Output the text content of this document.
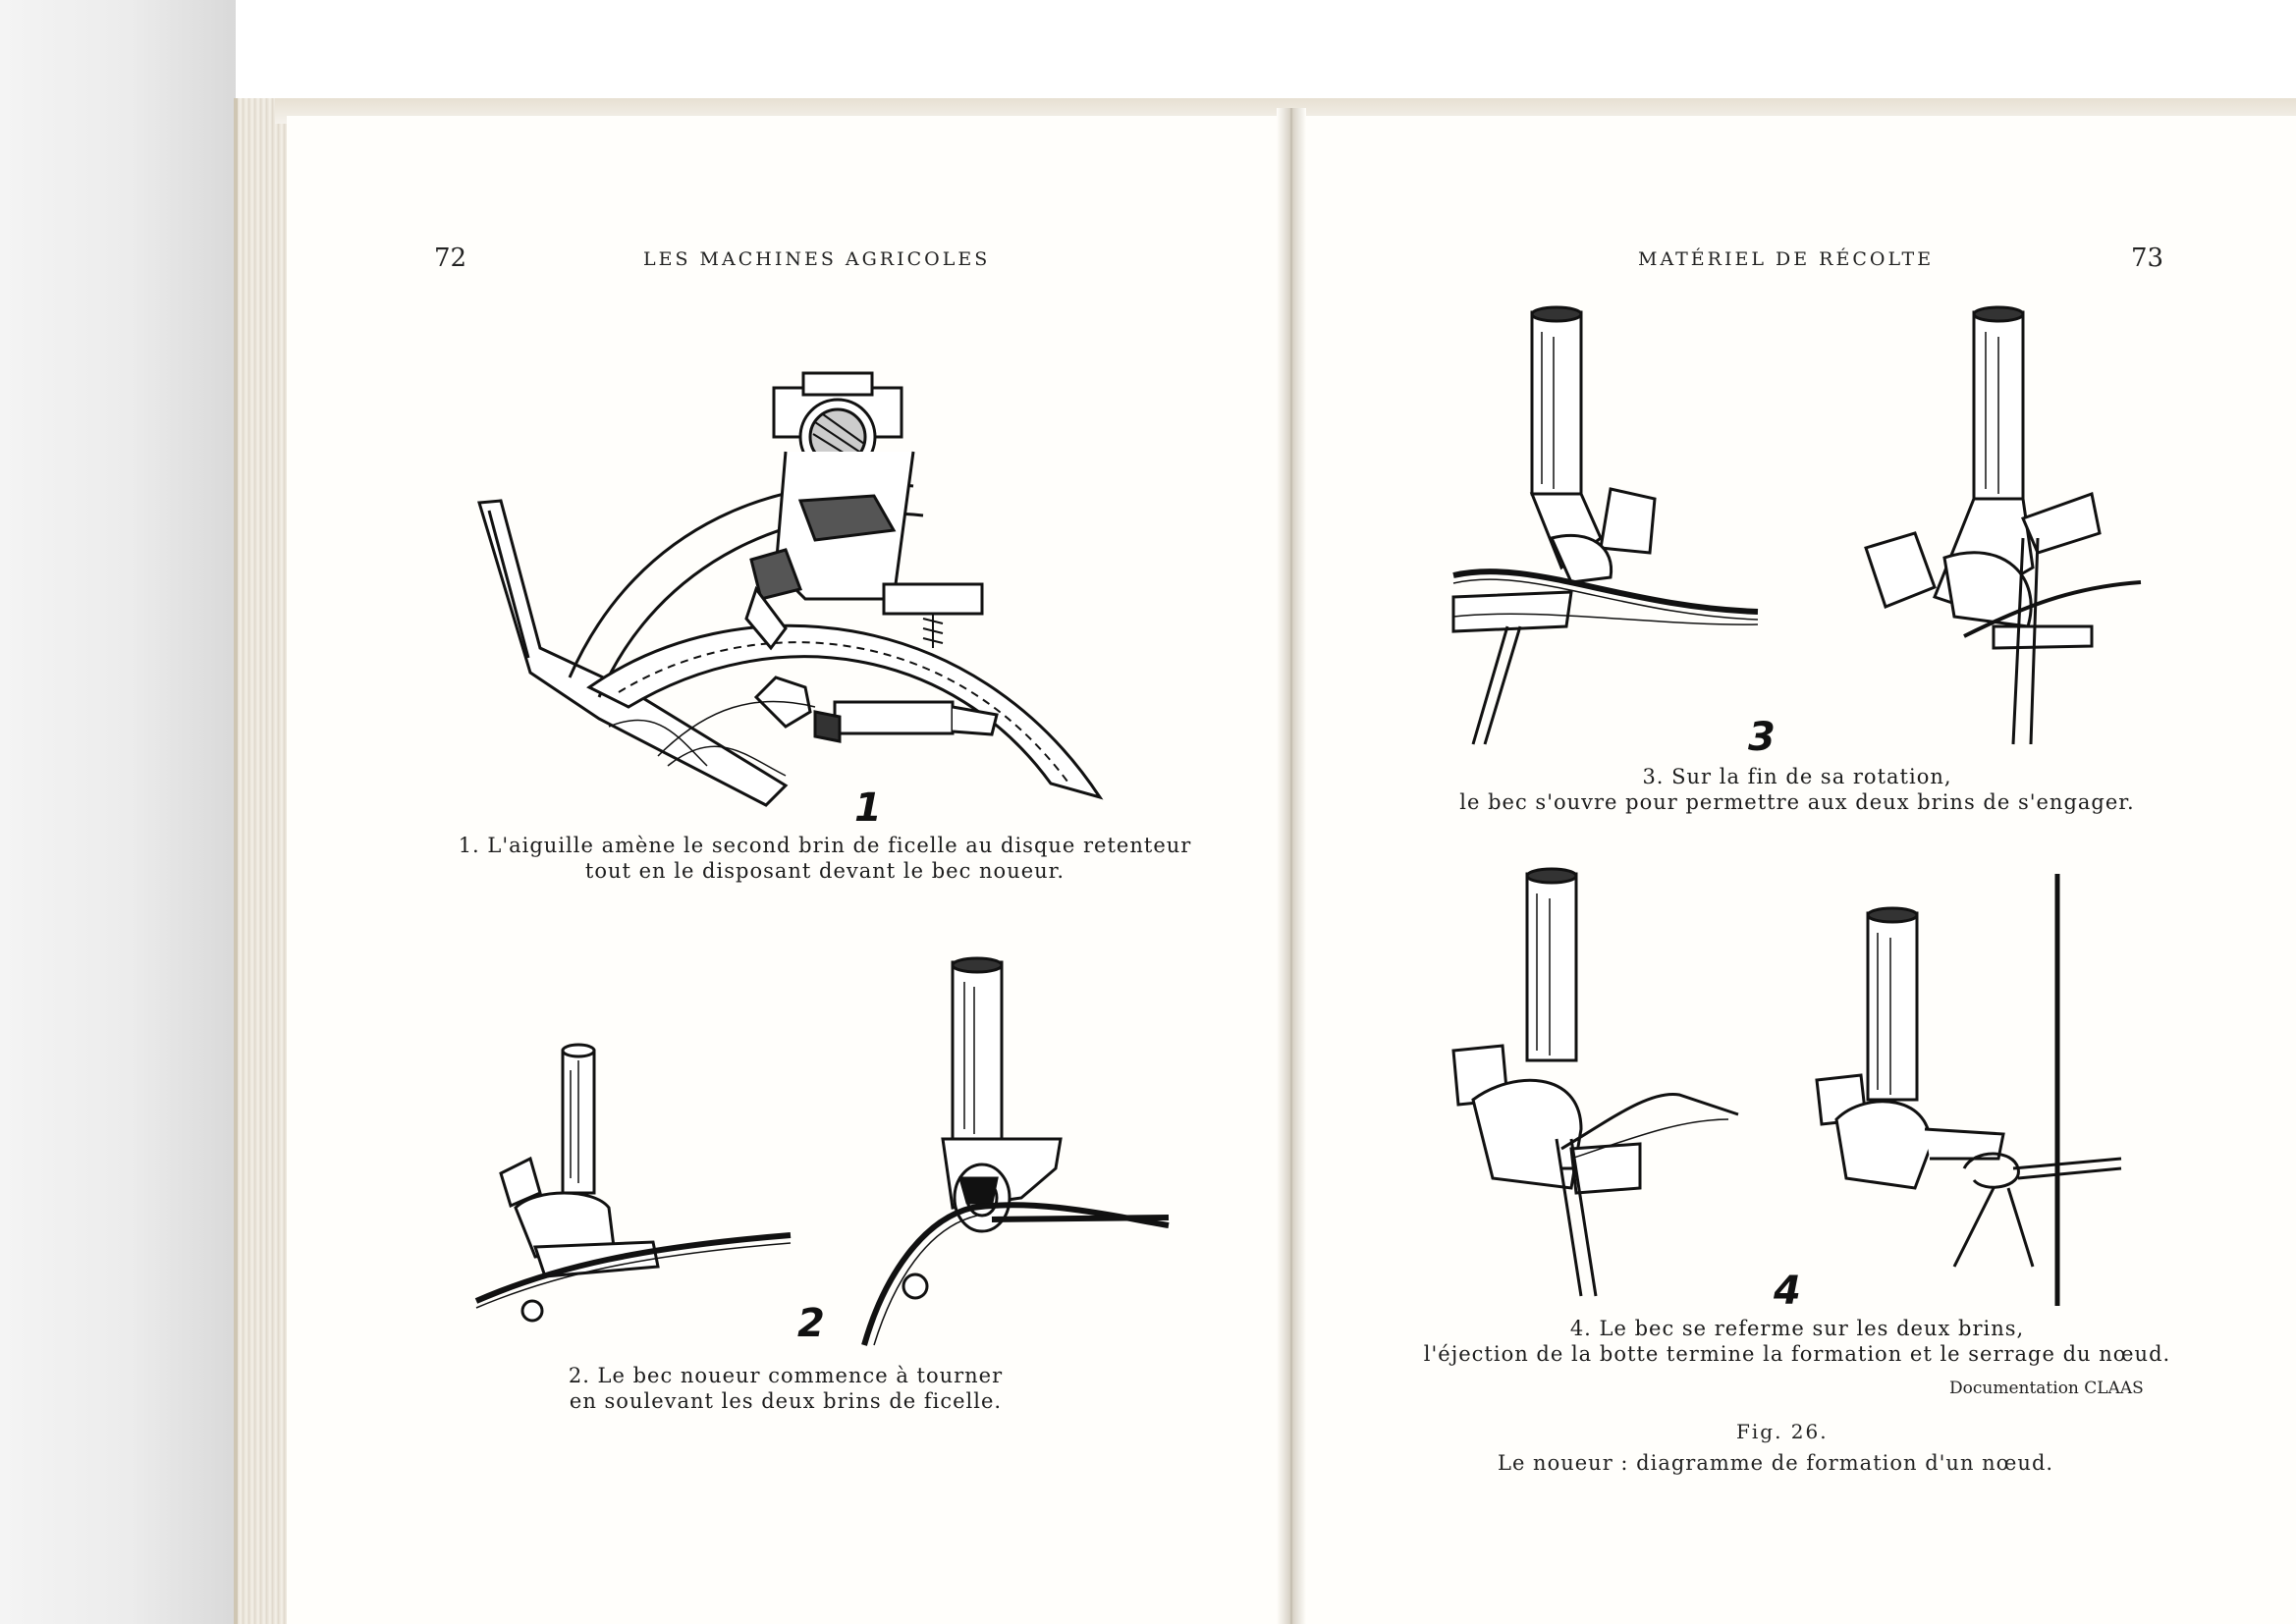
72	LES MACHINES AGRICOLES
1
1. L'aiguille amène le second brin de ficelle au disque retenteur
tout en le disposant devant le bec noueur.
2
2. Le bec noueur commence à tourner
en soulevant les deux brins de ficelle.
MATÉRIEL DE RÉCOLTE	73
3
3. Sur la fin de sa rotation,
le bec s'ouvre pour permettre aux deux brins de s'engager.
4
4. Le bec se referme sur les deux brins,
l'éjection de la botte termine la formation et le serrage du nœud.
Documentation CLAAS
Fig. 26.
Le noueur : diagramme de formation d'un nœud.
